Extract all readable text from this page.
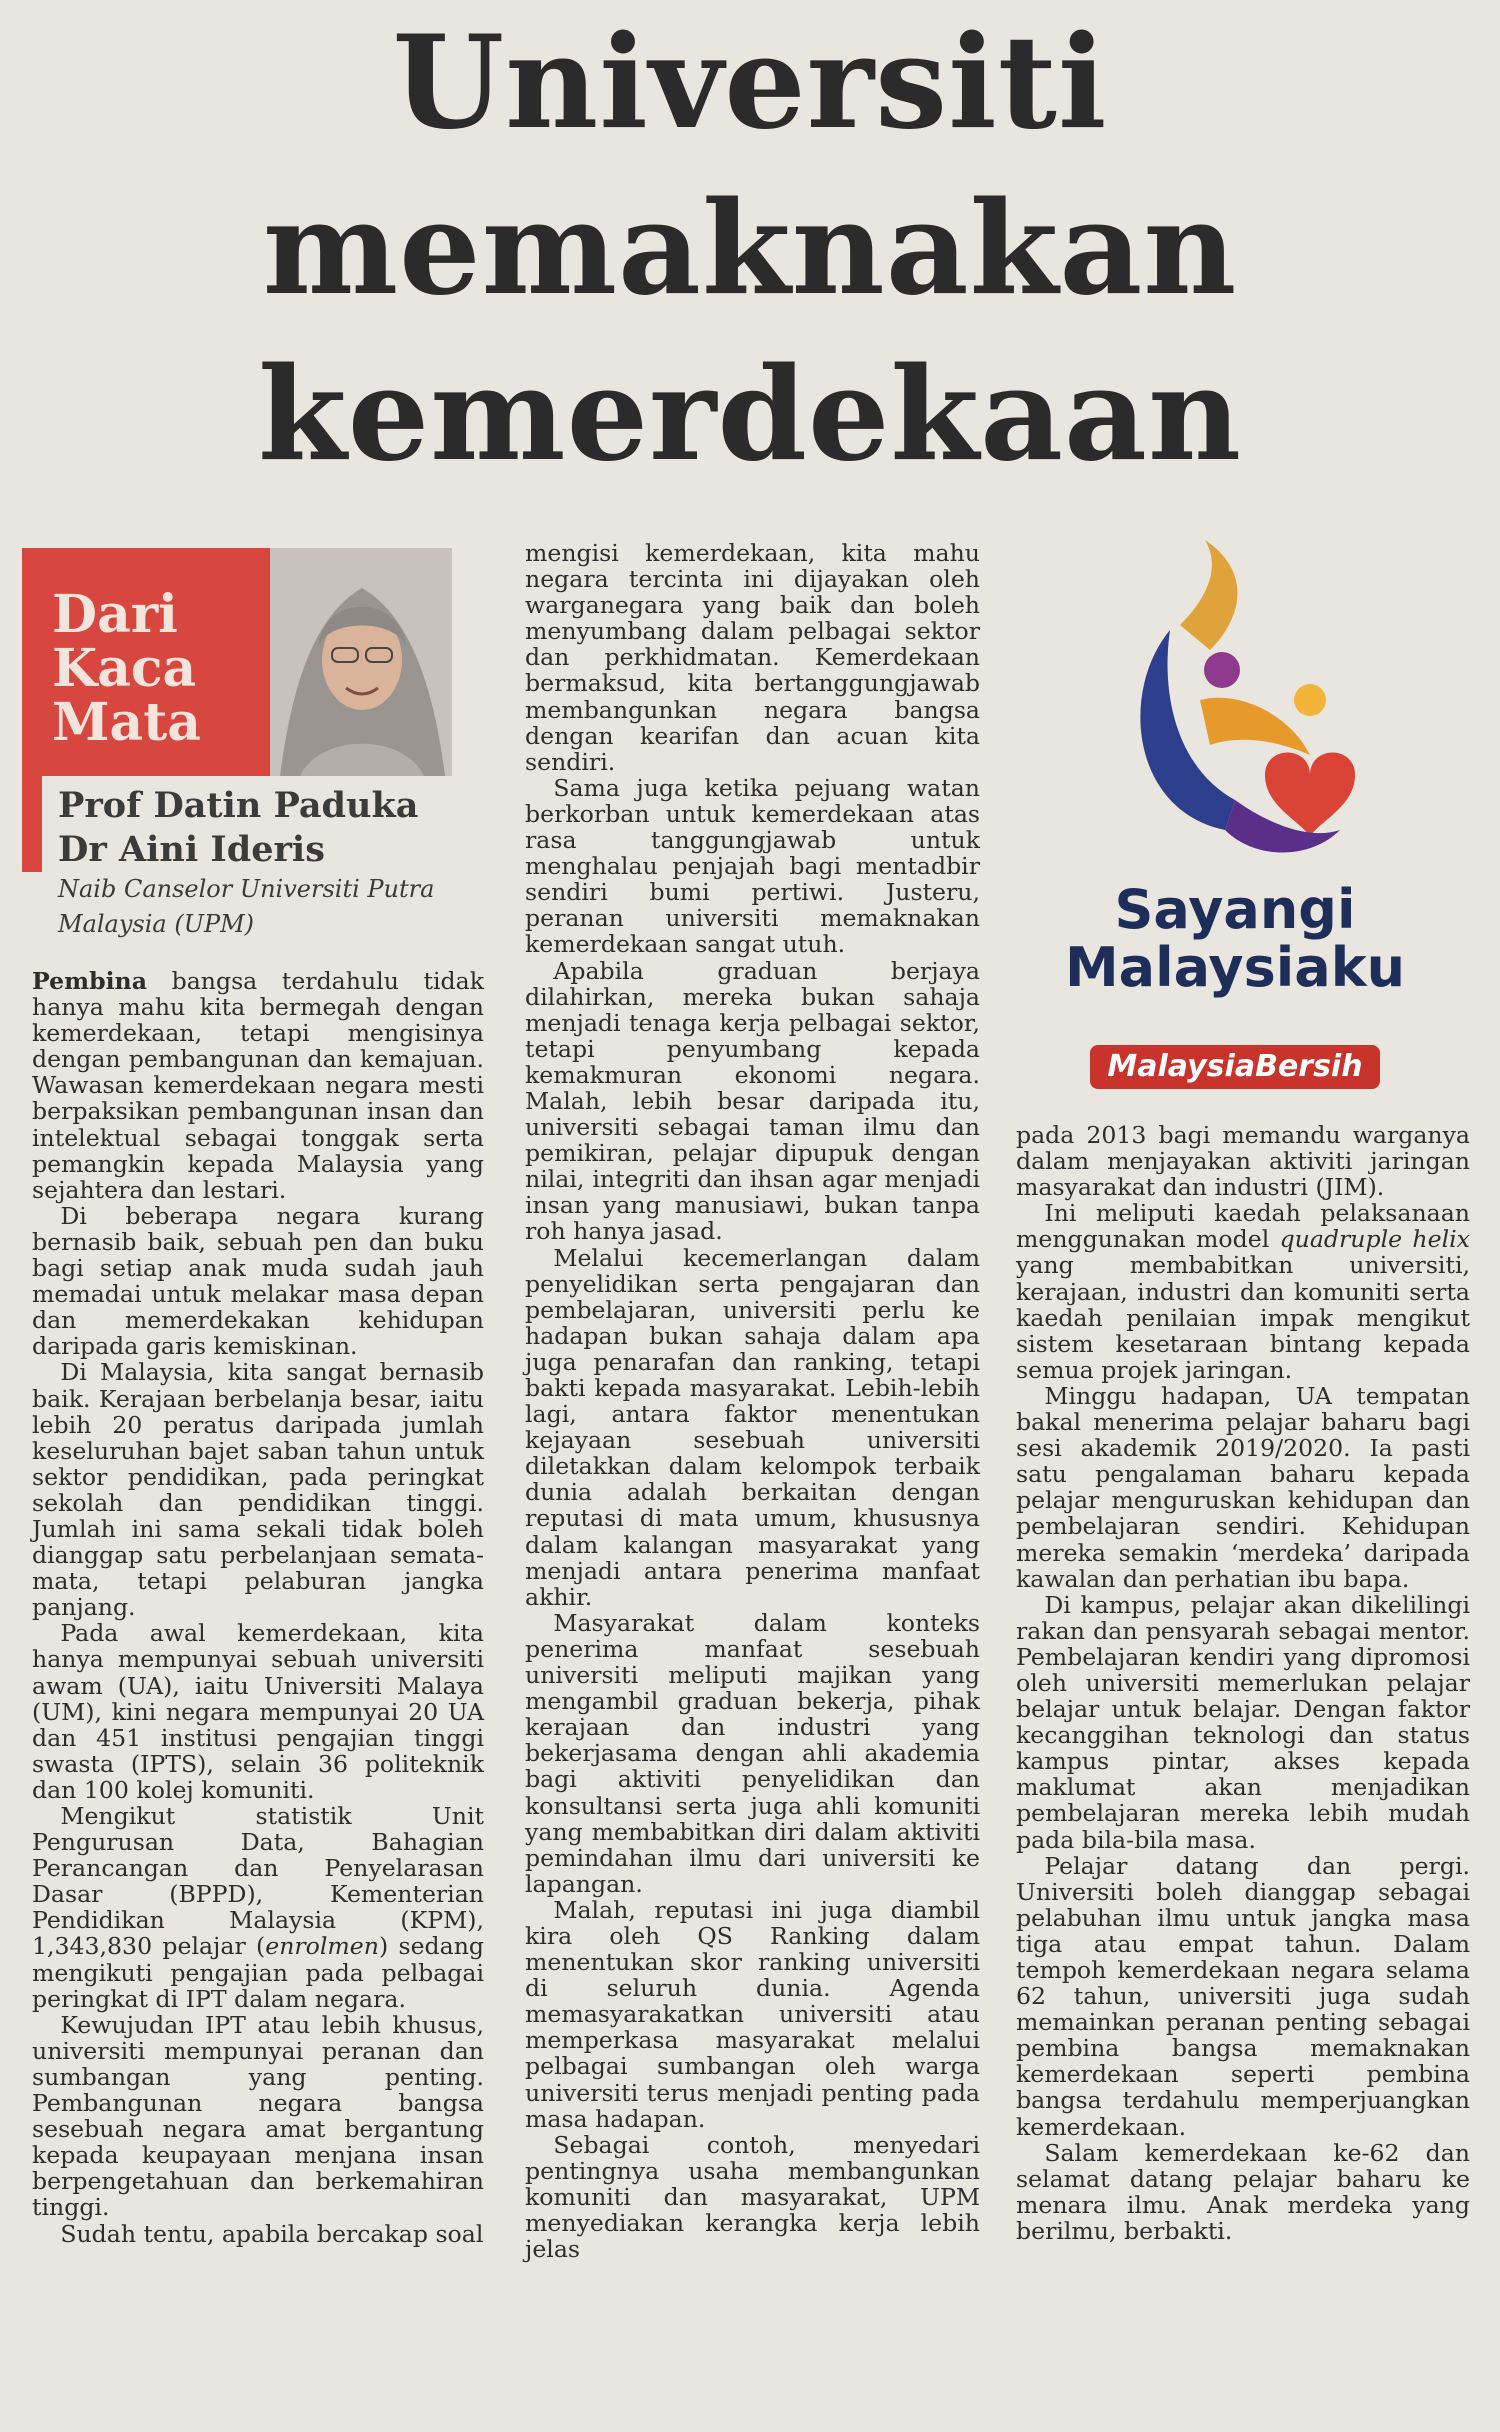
Universiti
memaknakan
kemerdekaan
Dari
Kaca
Mata
Prof Datin Paduka
Dr Aini Ideris
Naib Canselor Universiti Putra
Malaysia (UPM)

Pembina bangsa terdahulu tidak hanya mahu kita bermegah dengan kemerdekaan, tetapi mengisinya dengan pembangunan dan kemajuan. Wawasan kemerdekaan negara mesti berpaksikan pembangunan insan dan intelektual sebagai tonggak serta pemangkin kepada Malaysia yang sejahtera dan lestari.

Di beberapa negara kurang bernasib baik, sebuah pen dan buku bagi setiap anak muda sudah jauh memadai untuk melakar masa depan dan memerdekakan kehidupan daripada garis kemiskinan.

Di Malaysia, kita sangat bernasib baik. Kerajaan berbelanja besar, iaitu lebih 20 peratus daripada jumlah keseluruhan bajet saban tahun untuk sektor pendidikan, pada peringkat sekolah dan pendidikan tinggi. Jumlah ini sama sekali tidak boleh dianggap satu perbelanjaan semata-mata, tetapi pelaburan jangka panjang.

Pada awal kemerdekaan, kita hanya mempunyai sebuah universiti awam (UA), iaitu Universiti Malaya (UM), kini negara mempunyai 20 UA dan 451 institusi pengajian tinggi swasta (IPTS), selain 36 politeknik dan 100 kolej komuniti.

Mengikut statistik Unit Pengurusan Data, Bahagian Perancangan dan Penyelarasan Dasar (BPPD), Kementerian Pendidikan Malaysia (KPM), 1,343,830 pelajar (enrolmen) sedang mengikuti pengajian pada pelbagai peringkat di IPT dalam negara.

Kewujudan IPT atau lebih khusus, universiti mempunyai peranan dan sumbangan yang penting. Pembangunan negara bangsa sesebuah negara amat bergantung kepada keupayaan menjana insan berpengetahuan dan berkemahiran tinggi.

Sudah tentu, apabila bercakap soal

mengisi kemerdekaan, kita mahu negara tercinta ini dijayakan oleh warganegara yang baik dan boleh menyumbang dalam pelbagai sektor dan perkhidmatan. Kemerdekaan bermaksud, kita bertanggungjawab membangunkan negara bangsa dengan kearifan dan acuan kita sendiri.

Sama juga ketika pejuang watan berkorban untuk kemerdekaan atas rasa tanggungjawab untuk menghalau penjajah bagi mentadbir sendiri bumi pertiwi. Justeru, peranan universiti memaknakan kemerdekaan sangat utuh.

Apabila graduan berjaya dilahirkan, mereka bukan sahaja menjadi tenaga kerja pelbagai sektor, tetapi penyumbang kepada kemakmuran ekonomi negara. Malah, lebih besar daripada itu, universiti sebagai taman ilmu dan pemikiran, pelajar dipupuk dengan nilai, integriti dan ihsan agar menjadi insan yang manusiawi, bukan tanpa roh hanya jasad.

Melalui kecemerlangan dalam penyelidikan serta pengajaran dan pembelajaran, universiti perlu ke hadapan bukan sahaja dalam apa juga penarafan dan ranking, tetapi bakti kepada masyarakat. Lebih-lebih lagi, antara faktor menentukan kejayaan sesebuah universiti diletakkan dalam kelompok terbaik dunia adalah berkaitan dengan reputasi di mata umum, khususnya dalam kalangan masyarakat yang menjadi antara penerima manfaat akhir.

Masyarakat dalam konteks penerima manfaat sesebuah universiti meliputi majikan yang mengambil graduan bekerja, pihak kerajaan dan industri yang bekerjasama dengan ahli akademia bagi aktiviti penyelidikan dan konsultansi serta juga ahli komuniti yang membabitkan diri dalam aktiviti pemindahan ilmu dari universiti ke lapangan.

Malah, reputasi ini juga diambil kira oleh QS Ranking dalam menentukan skor ranking universiti di seluruh dunia. Agenda memasyarakatkan universiti atau memperkasa masyarakat melalui pelbagai sumbangan oleh warga universiti terus menjadi penting pada masa hadapan.

Sebagai contoh, menyedari pentingnya usaha membangunkan komuniti dan masyarakat, UPM menyediakan kerangka kerja lebih jelas

Sayangi
Malaysiaku
MalaysiaBersih

pada 2013 bagi memandu warganya dalam menjayakan aktiviti jaringan masyarakat dan industri (JIM).

Ini meliputi kaedah pelaksanaan menggunakan model quadruple helix yang membabitkan universiti, kerajaan, industri dan komuniti serta kaedah penilaian impak mengikut sistem kesetaraan bintang kepada semua projek jaringan.

Minggu hadapan, UA tempatan bakal menerima pelajar baharu bagi sesi akademik 2019/2020. Ia pasti satu pengalaman baharu kepada pelajar menguruskan kehidupan dan pembelajaran sendiri. Kehidupan mereka semakin ‘merdeka’ daripada kawalan dan perhatian ibu bapa.

Di kampus, pelajar akan dikelilingi rakan dan pensyarah sebagai mentor. Pembelajaran kendiri yang dipromosi oleh universiti memerlukan pelajar belajar untuk belajar. Dengan faktor kecanggihan teknologi dan status kampus pintar, akses kepada maklumat akan menjadikan pembelajaran mereka lebih mudah pada bila-bila masa.

Pelajar datang dan pergi. Universiti boleh dianggap sebagai pelabuhan ilmu untuk jangka masa tiga atau empat tahun. Dalam tempoh kemerdekaan negara selama 62 tahun, universiti juga sudah memainkan peranan penting sebagai pembina bangsa memaknakan kemerdekaan seperti pembina bangsa terdahulu memperjuangkan kemerdekaan.

Salam kemerdekaan ke-62 dan selamat datang pelajar baharu ke menara ilmu. Anak merdeka yang berilmu, berbakti.
